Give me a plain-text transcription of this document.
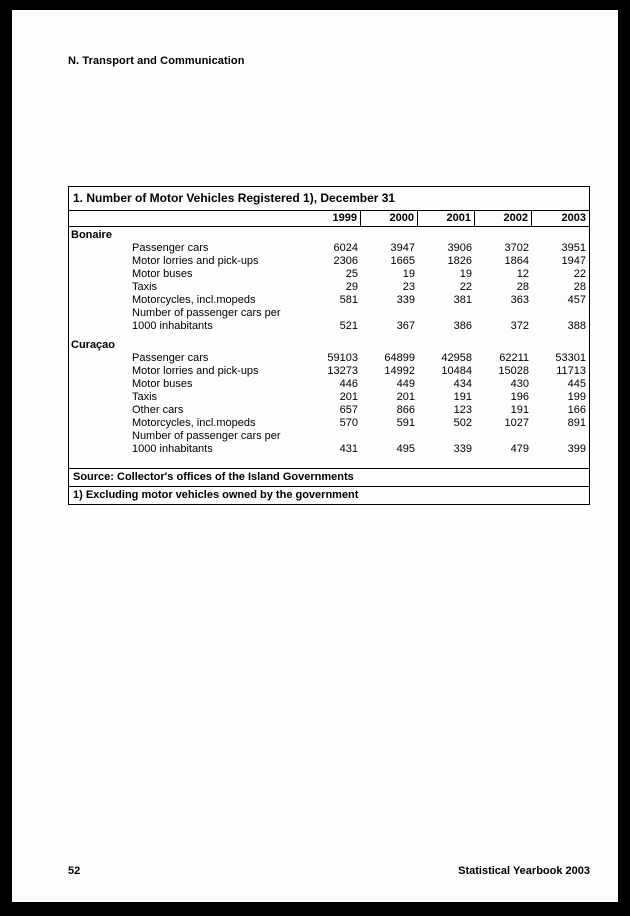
N. Transport and Communication
1. Number of Motor Vehicles Registered 1), December 31
1999	2000	2001	2002	2003
Bonaire
Passenger cars	6024	3947	3906	3702	3951
Motor lorries and pick-ups	2306	1665	1826	1864	1947
Motor buses	25	19	19	12	22
Taxis	29	23	22	28	28
Motorcycles, incl.mopeds	581	339	381	363	457
Number of passenger cars per
1000 inhabitants	521	367	386	372	388
Curaçao
Passenger cars	59103	64899	42958	62211	53301
Motor lorries and pick-ups	13273	14992	10484	15028	11713
Motor buses	446	449	434	430	445
Taxis	201	201	191	196	199
Other cars	657	866	123	191	166
Motorcycles, incl.mopeds	570	591	502	1027	891
Number of passenger cars per
1000 inhabitants	431	495	339	479	399
Source: Collector's offices of the Island Governments
1) Excluding motor vehicles owned by the government
52	Statistical Yearbook 2003
